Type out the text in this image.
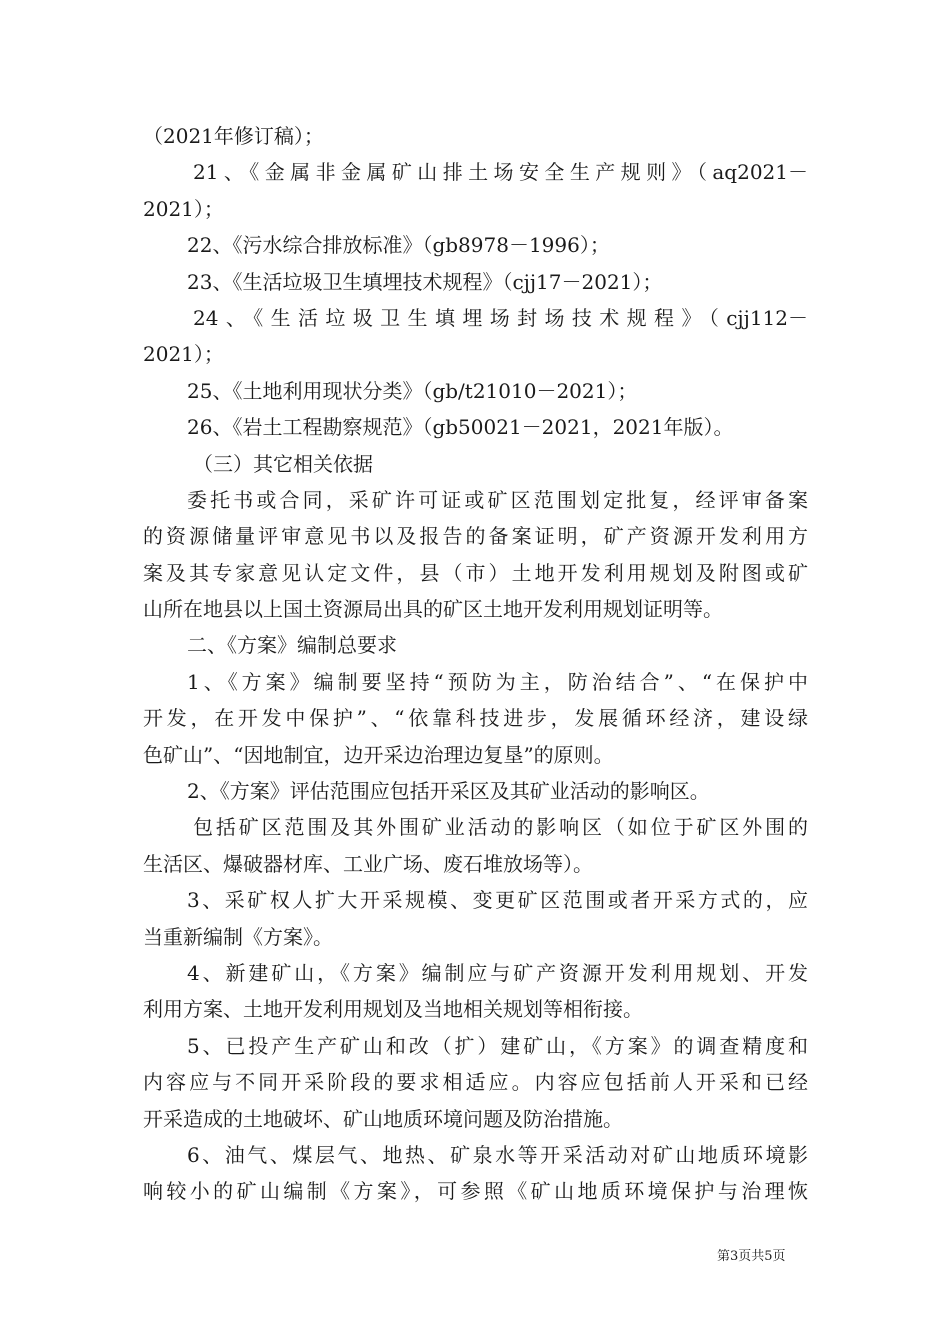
（2021年修订稿）；
21、《金属非金属矿山排土场安全生产规则》（aq2021－
2021）；
22、《污水综合排放标准》（gb8978－1996）；
23、《生活垃圾卫生填埋技术规程》（cjj17－2021）；
24、《生活垃圾卫生填埋场封场技术规程》（cjj112－
2021）；
25、《土地利用现状分类》（gb/t21010－2021）；
26、《岩土工程勘察规范》（gb50021－2021，2021年版）。
（三）其它相关依据
委托书或合同，采矿许可证或矿区范围划定批复，经评审备案
的资源储量评审意见书以及报告的备案证明，矿产资源开发利用方
案及其专家意见认定文件，县（市）土地开发利用规划及附图或矿
山所在地县以上国土资源局出具的矿区土地开发利用规划证明等。
二、《方案》编制总要求
1、《方案》编制要坚持“预防为主，防治结合”、“在保护中
开发，在开发中保护”、“依靠科技进步，发展循环经济，建设绿
色矿山”、“因地制宜，边开采边治理边复垦”的原则。
2、《方案》评估范围应包括开采区及其矿业活动的影响区。
包括矿区范围及其外围矿业活动的影响区（如位于矿区外围的
生活区、爆破器材库、工业广场、废石堆放场等）。
3、采矿权人扩大开采规模、变更矿区范围或者开采方式的，应
当重新编制《方案》。
4、新建矿山，《方案》编制应与矿产资源开发利用规划、开发
利用方案、土地开发利用规划及当地相关规划等相衔接。
5、已投产生产矿山和改（扩）建矿山，《方案》的调查精度和
内容应与不同开采阶段的要求相适应。内容应包括前人开采和已经
开采造成的土地破坏、矿山地质环境问题及防治措施。
6、油气、煤层气、地热、矿泉水等开采活动对矿山地质环境影
响较小的矿山编制《方案》，可参照《矿山地质环境保护与治理恢
第3页共5页
